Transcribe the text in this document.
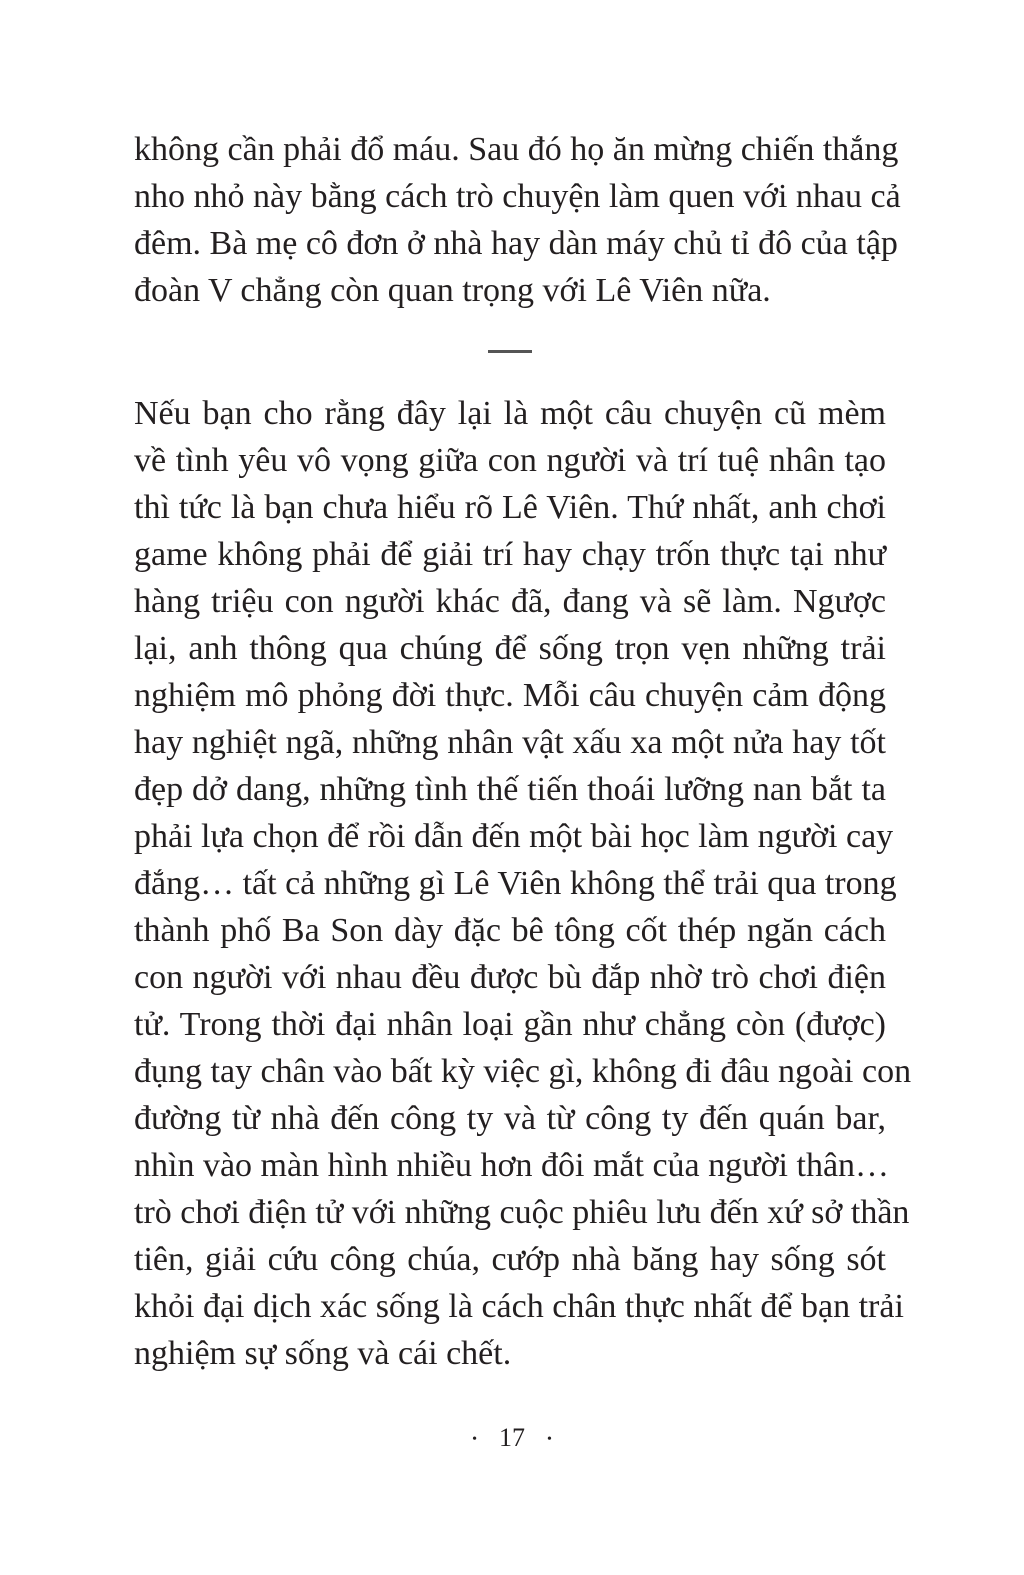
không cần phải đổ máu. Sau đó họ ăn mừng chiến thắng
nho nhỏ này bằng cách trò chuyện làm quen với nhau cả
đêm. Bà mẹ cô đơn ở nhà hay dàn máy chủ tỉ đô của tập
đoàn V chẳng còn quan trọng với Lê Viên nữa.
Nếu bạn cho rằng đây lại là một câu chuyện cũ mèm
về tình yêu vô vọng giữa con người và trí tuệ nhân tạo
thì tức là bạn chưa hiểu rõ Lê Viên. Thứ nhất, anh chơi
game không phải để giải trí hay chạy trốn thực tại như
hàng triệu con người khác đã, đang và sẽ làm. Ngược
lại, anh thông qua chúng để sống trọn vẹn những trải
nghiệm mô phỏng đời thực. Mỗi câu chuyện cảm động
hay nghiệt ngã, những nhân vật xấu xa một nửa hay tốt
đẹp dở dang, những tình thế tiến thoái lưỡng nan bắt ta
phải lựa chọn để rồi dẫn đến một bài học làm người cay
đắng… tất cả những gì Lê Viên không thể trải qua trong
thành phố Ba Son dày đặc bê tông cốt thép ngăn cách
con người với nhau đều được bù đắp nhờ trò chơi điện
tử. Trong thời đại nhân loại gần như chẳng còn (được)
đụng tay chân vào bất kỳ việc gì, không đi đâu ngoài con
đường từ nhà đến công ty và từ công ty đến quán bar,
nhìn vào màn hình nhiều hơn đôi mắt của người thân…
trò chơi điện tử với những cuộc phiêu lưu đến xứ sở thần
tiên, giải cứu công chúa, cướp nhà băng hay sống sót
khỏi đại dịch xác sống là cách chân thực nhất để bạn trải
nghiệm sự sống và cái chết.
• 17 •
